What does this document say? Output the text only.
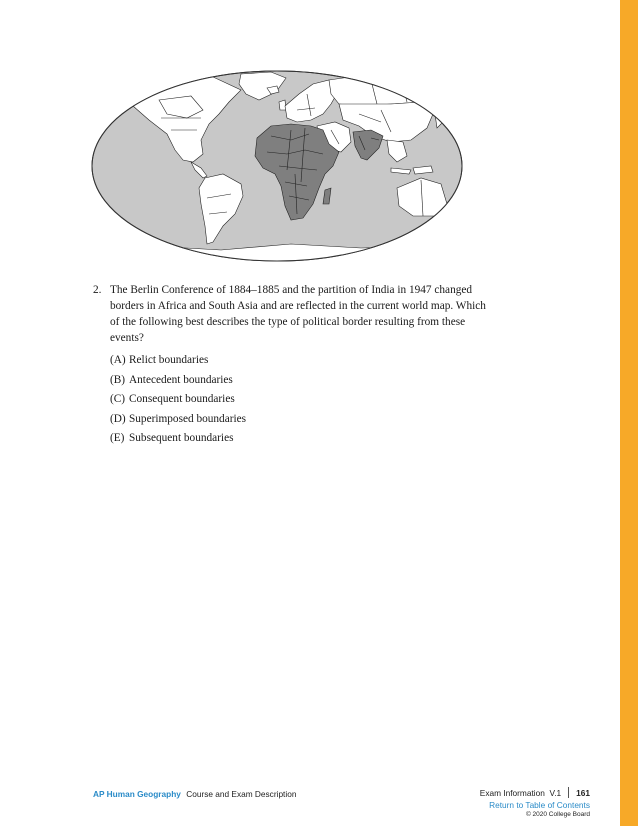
2. The Berlin Conference of 1884–1885 and the partition of India in 1947 changed borders in Africa and South Asia and are reflected in the current world map. Which of the following best describes the type of political border resulting from these events?
(A) Relict boundaries
(B) Antecedent boundaries
(C) Consequent boundaries
(D) Superimposed boundaries
(E) Subsequent boundaries
AP Human Geography Course and Exam Description	Exam Information
V.1 161
Return to Table of Contents
© 2020 College Board
